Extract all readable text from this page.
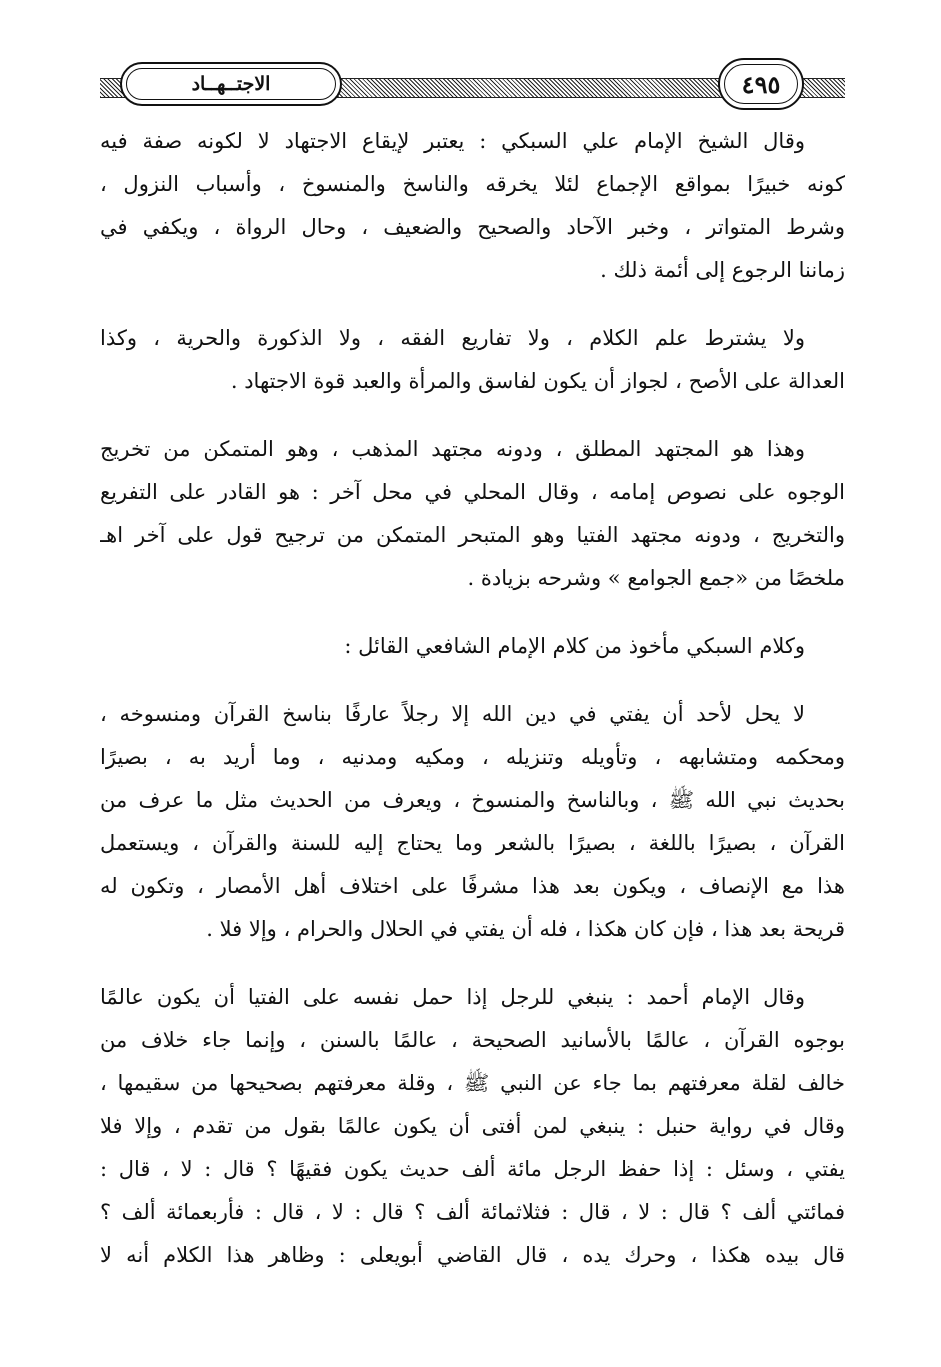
الاجتــهــاد	٤٩٥
وقال الشيخ الإمام علي السبكي : يعتبر لإيقاع الاجتهاد لا لكونه صفة فيه
كونه خبيرًا بمواقع الإجماع لئلا يخرقه والناسخ والمنسوخ ، وأسباب النزول ،
وشرط المتواتر ، وخبر الآحاد والصحيح والضعيف ، وحال الرواة ، ويكفي في
زماننا الرجوع إلى أئمة ذلك .
ولا يشترط علم الكلام ، ولا تفاريع الفقه ، ولا الذكورة والحرية ، وكذا
العدالة على الأصح ، لجواز أن يكون لفاسق والمرأة والعبد قوة الاجتهاد .
وهذا هو المجتهد المطلق ، ودونه مجتهد المذهب ، وهو المتمكن من تخريج
الوجوه على نصوص إمامه ، وقال المحلي في محل آخر : هو القادر على التفريع
والتخريج ، ودونه مجتهد الفتيا وهو المتبحر المتمكن من ترجيح قول على آخر اهـ
ملخصًا من «جمع الجوامع » وشرحه بزيادة .
وكلام السبكي مأخوذ من كلام الإمام الشافعي القائل :
لا يحل لأحد أن يفتي في دين الله إلا رجلاً عارفًا بناسخ القرآن ومنسوخه ،
ومحكمه ومتشابهه ، وتأويله وتنزيله ، ومكيه ومدنيه ، وما أريد به ، بصيرًا
بحديث نبي الله ﷺ ، وبالناسخ والمنسوخ ، ويعرف من الحديث مثل ما عرف من
القرآن ، بصيرًا باللغة ، بصيرًا بالشعر وما يحتاج إليه للسنة والقرآن ، ويستعمل
هذا مع الإنصاف ، ويكون بعد هذا مشرفًا على اختلاف أهل الأمصار ، وتكون له
قريحة بعد هذا ، فإن كان هكذا ، فله أن يفتي في الحلال والحرام ، وإلا فلا .
وقال الإمام أحمد : ينبغي للرجل إذا حمل نفسه على الفتيا أن يكون عالمًا
بوجوه القرآن ، عالمًا بالأسانيد الصحيحة ، عالمًا بالسنن ، وإنما جاء خلاف من
خالف لقلة معرفتهم بما جاء عن النبي ﷺ ، وقلة معرفتهم بصحيحها من سقيمها ،
وقال في رواية حنبل : ينبغي لمن أفتى أن يكون عالمًا بقول من تقدم ، وإلا فلا
يفتي ، وسئل : إذا حفظ الرجل مائة ألف حديث يكون فقيهًا ؟ قال : لا ، قال :
فمائتي ألف ؟ قال : لا ، قال : فثلاثمائة ألف ؟ قال : لا ، قال : فأربعمائة ألف ؟
قال بيده هكذا ، وحرك يده ، قال القاضي أبويعلى : وظاهر هذا الكلام أنه لا
